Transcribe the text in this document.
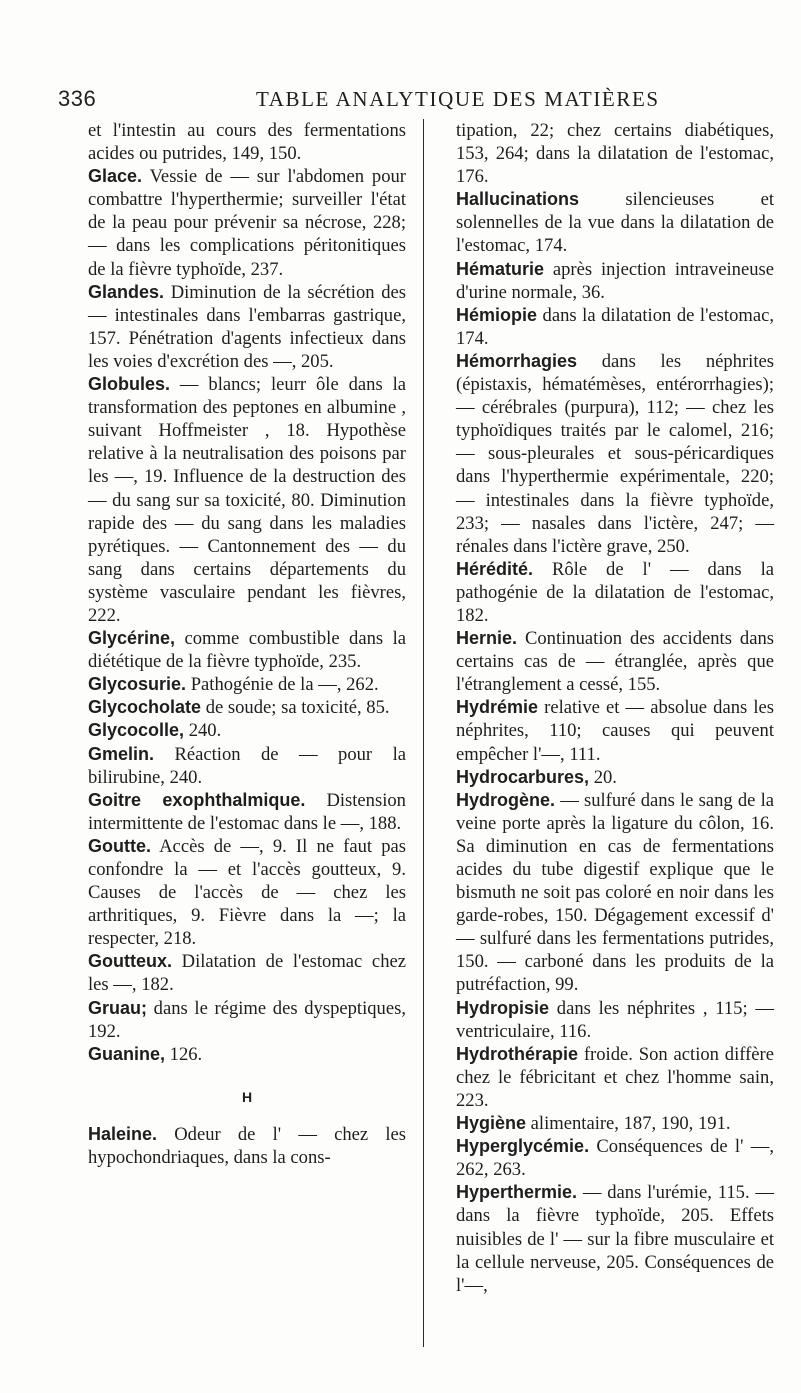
336	TABLE ANALYTIQUE DES MATIÈRES

et l'intestin au cours des fermentations acides ou putrides, 149, 150.

Glace. Vessie de — sur l'abdomen pour combattre l'hyperthermie; surveiller l'état de la peau pour prévenir sa nécrose, 228; — dans les complications péritonitiques de la fièvre typhoïde, 237.

Glandes. Diminution de la sécrétion des — intestinales dans l'embarras gastrique, 157. Pénétration d'agents infectieux dans les voies d'excrétion des —, 205.

Globules. — blancs; leurr ôle dans la transformation des peptones en albumine , suivant Hoffmeister , 18. Hypothèse relative à la neutralisation des poisons par les —, 19. Influence de la destruction des — du sang sur sa toxicité, 80. Diminution rapide des — du sang dans les maladies pyrétiques. — Cantonnement des — du sang dans certains départements du système vasculaire pendant les fièvres, 222.

Glycérine, comme combustible dans la diététique de la fièvre typhoïde, 235.

Glycosurie. Pathogénie de la —, 262.

Glycocholate de soude; sa toxicité, 85.

Glycocolle, 240.

Gmelin. Réaction de — pour la bilirubine, 240.

Goitre exophthalmique. Distension intermittente de l'estomac dans le —, 188.

Goutte. Accès de —, 9. Il ne faut pas confondre la — et l'accès goutteux, 9. Causes de l'accès de — chez les arthritiques, 9. Fièvre dans la —; la respecter, 218.

Goutteux. Dilatation de l'estomac chez les —, 182.

Gruau; dans le régime des dyspeptiques, 192.

Guanine, 126.

H

Haleine. Odeur de l' — chez les hypochondriaques, dans la cons-

tipation, 22; chez certains diabétiques, 153, 264; dans la dilatation de l'estomac, 176.

Hallucinations silencieuses et solennelles de la vue dans la dilatation de l'estomac, 174.

Hématurie après injection intraveineuse d'urine normale, 36.

Hémiopie dans la dilatation de l'estomac, 174.

Hémorrhagies dans les néphrites (épistaxis, hématémèses, entérorrhagies); — cérébrales (purpura), 112; — chez les typhoïdiques traités par le calomel, 216; — sous-pleurales et sous-péricardiques dans l'hyperthermie expérimentale, 220; — intestinales dans la fièvre typhoïde, 233; — nasales dans l'ictère, 247; — rénales dans l'ictère grave, 250.

Hérédité. Rôle de l' — dans la pathogénie de la dilatation de l'estomac, 182.

Hernie. Continuation des accidents dans certains cas de — étranglée, après que l'étranglement a cessé, 155.

Hydrémie relative et — absolue dans les néphrites, 110; causes qui peuvent empêcher l'—, 111.

Hydrocarbures, 20.

Hydrogène. — sulfuré dans le sang de la veine porte après la ligature du côlon, 16. Sa diminution en cas de fermentations acides du tube digestif explique que le bismuth ne soit pas coloré en noir dans les garde-robes, 150. Dégagement excessif d' — sulfuré dans les fermentations putrides, 150. — carboné dans les produits de la putréfaction, 99.

Hydropisie dans les néphrites , 115; — ventriculaire, 116.

Hydrothérapie froide. Son action diffère chez le fébricitant et chez l'homme sain, 223.

Hygiène alimentaire, 187, 190, 191.

Hyperglycémie. Conséquences de l' —, 262, 263.

Hyperthermie. — dans l'urémie, 115. — dans la fièvre typhoïde, 205. Effets nuisibles de l' — sur la fibre musculaire et la cellule nerveuse, 205. Conséquences de l'—,
